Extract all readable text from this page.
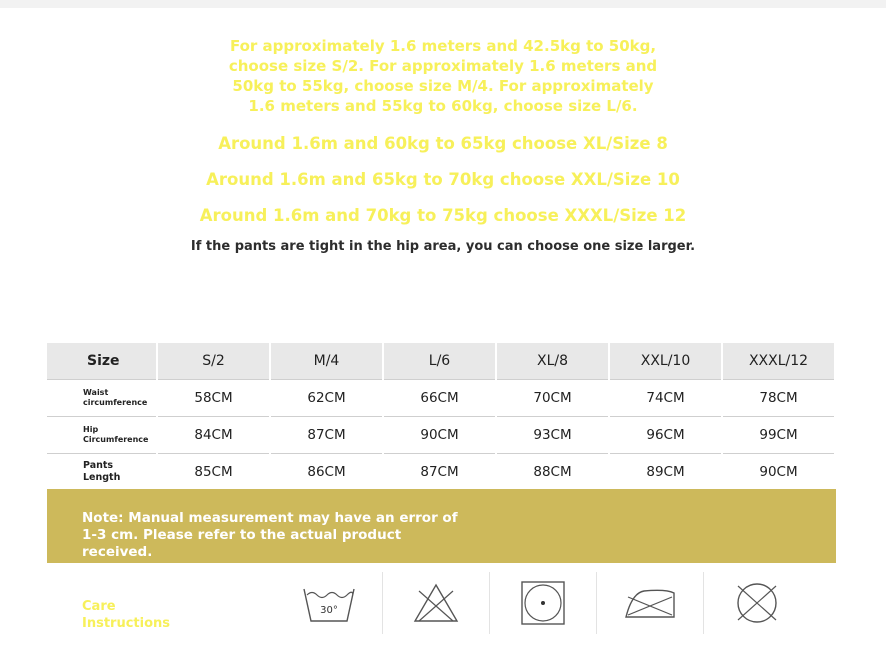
For approximately 1.6 meters and 42.5kg to 50kg,
choose size S/2. For approximately 1.6 meters and
50kg to 55kg, choose size M/4. For approximately
1.6 meters and 55kg to 60kg, choose size L/6.
Around 1.6m and 60kg to 65kg choose XL/Size 8
Around 1.6m and 65kg to 70kg choose XXL/Size 10
Around 1.6m and 70kg to 75kg choose XXXL/Size 12
If the pants are tight in the hip area, you can choose one size larger.
Size	S/2	M/4	L/6	XL/8	XXL/10	XXXL/12

Waist
circumference	58CM	62CM	66CM	70CM	74CM	78CM

Hip
Circumference	84CM	87CM	90CM	93CM	96CM	99CM

Pants
Length	85CM	86CM	87CM	88CM	89CM	90CM
Note: Manual measurement may have an error of 1-3 cm. Please refer to the actual product received.
Care
Instructions
30°
